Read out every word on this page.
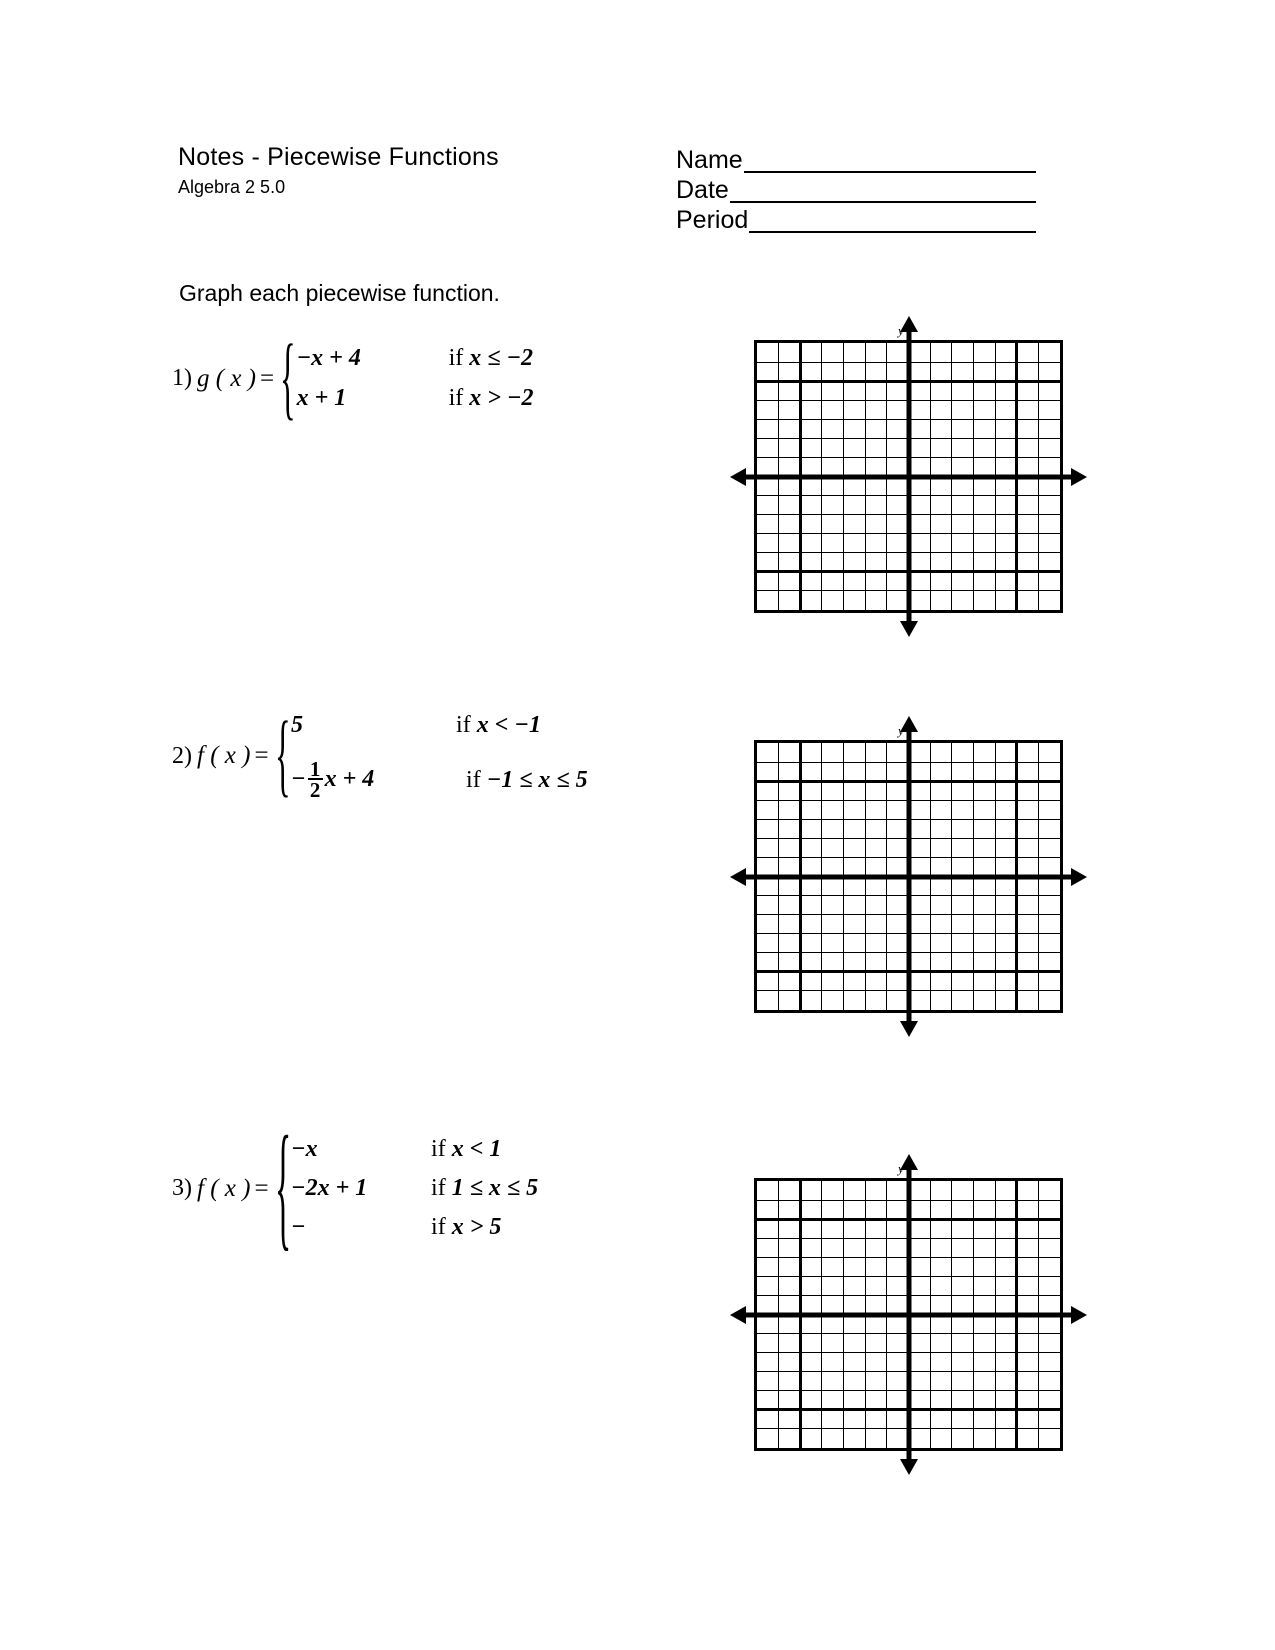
Notes - Piecewise Functions
Algebra 2 5.0
Name
Date
Period
Graph each piecewise function.
1) g ( x ) = { −x + 4	if x ≤ −2
x + 1	if x > −2
y
x
2) f ( x ) = { 5	if x < −1
− $\frac{1}{2}$ x + 4	if −1 ≤ x ≤ 5
y
x
3) f ( x ) = { −x	if x < 1
−2x + 1	if 1 ≤ x ≤ 5
−	if x > 5
y
x
